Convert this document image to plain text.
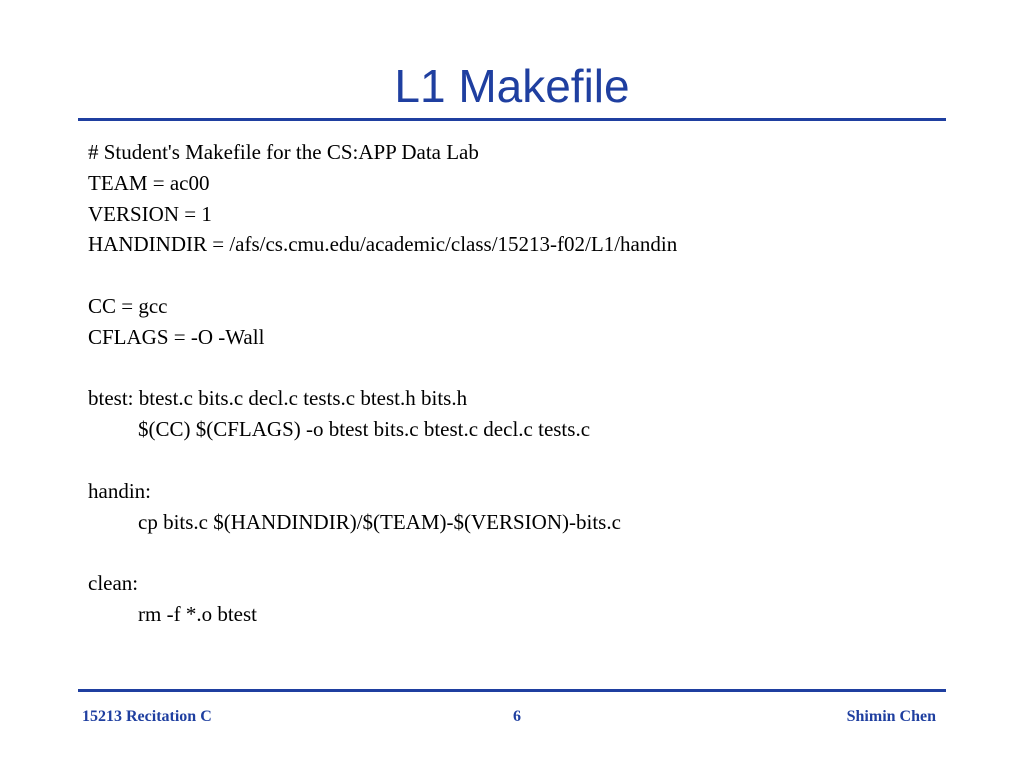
L1 Makefile
# Student's Makefile for the CS:APP Data Lab
TEAM = ac00
VERSION = 1
HANDINDIR = /afs/cs.cmu.edu/academic/class/15213-f02/L1/handin
CC = gcc
CFLAGS = -O -Wall
btest: btest.c bits.c decl.c tests.c btest.h bits.h
$(CC) $(CFLAGS) -o btest bits.c btest.c decl.c tests.c
handin:
cp bits.c $(HANDINDIR)/$(TEAM)-$(VERSION)-bits.c
clean:
rm -f *.o btest
15213 Recitation C	6	Shimin Chen
